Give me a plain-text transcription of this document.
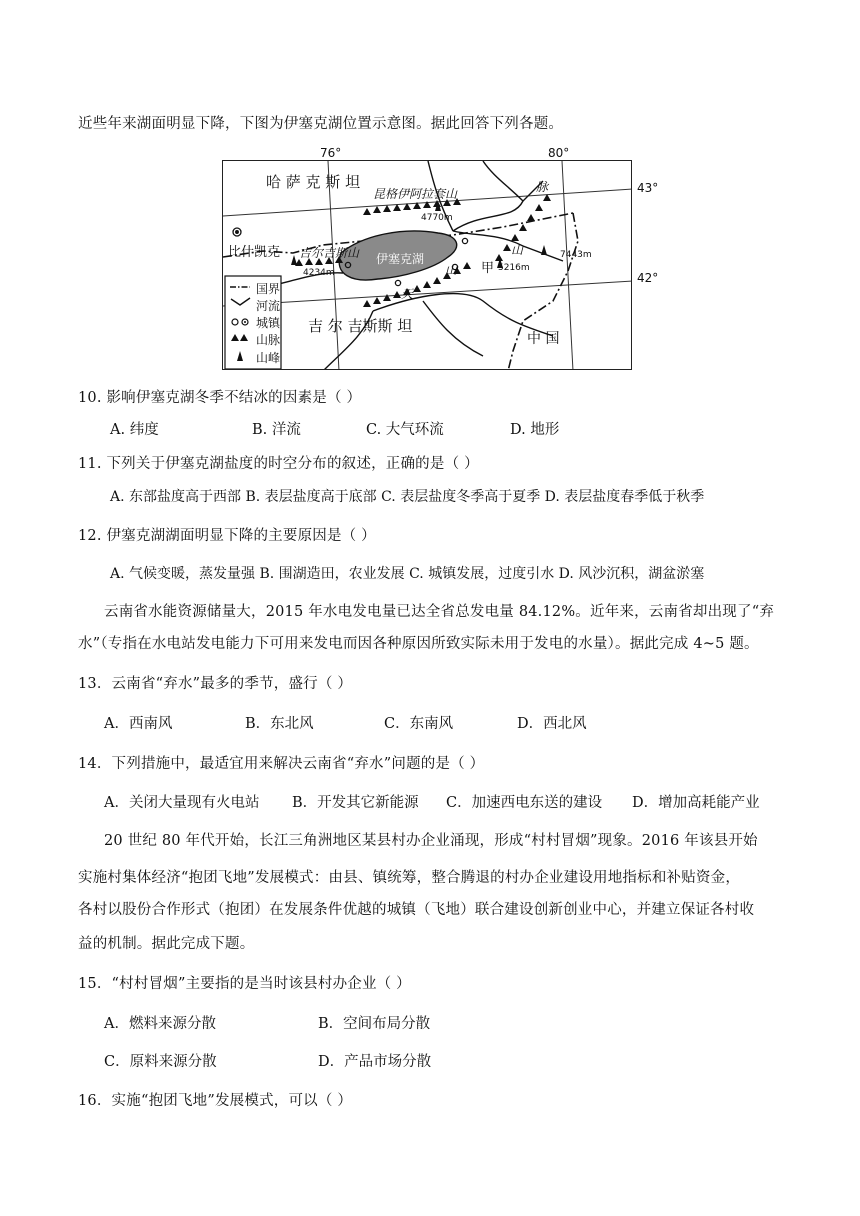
近些年来湖面明显下降，下图为伊塞克湖位置示意图。据此回答下列各题。
76°	80°
43°
42°
哈 萨 克 斯 坦
昆格伊阿拉套山	脉
4770m
比什凯克 吉尔吉斯山
4234m
伊塞克湖
山
山
甲 5216m
7443m
天
吉 尔 吉斯斯 坦
中 国
国界
河流
城镇
山脉
山峰
10. 影响伊塞克湖冬季不结冰的因素是（ ）
A. 纬度	B. 洋流	C. 大气环流	D. 地形
11. 下列关于伊塞克湖盐度的时空分布的叙述，正确的是（ ）
A. 东部盐度高于西部 B. 表层盐度高于底部 C. 表层盐度冬季高于夏季 D. 表层盐度春季低于秋季
12. 伊塞克湖湖面明显下降的主要原因是（ ）
A. 气候变暖，蒸发量强 B. 围湖造田，农业发展 C. 城镇发展，过度引水 D. 风沙沉积，湖盆淤塞
云南省水能资源储量大，2015 年水电发电量已达全省总发电量 84.12%。近年来，云南省却出现了“弃
水”（专指在水电站发电能力下可用来发电而因各种原因所致实际未用于发电的水量）。据此完成 4~5 题。
13．云南省“弃水”最多的季节，盛行（ ）
A．西南风	B．东北风	C．东南风	D．西北风
14．下列措施中，最适宜用来解决云南省“弃水”问题的是（ ）
A．关闭大量现有火电站 B．开发其它新能源 C．加速西电东送的建设 D．增加高耗能产业
20 世纪 80 年代开始，长江三角洲地区某县村办企业涌现，形成“村村冒烟”现象。2016 年该县开始
实施村集体经济“抱团飞地”发展模式：由县、镇统筹，整合腾退的村办企业建设用地指标和补贴资金，
各村以股份合作形式（抱团）在发展条件优越的城镇（飞地）联合建设创新创业中心，并建立保证各村收
益的机制。据此完成下题。
15．“村村冒烟”主要指的是当时该县村办企业（ ）
A．燃料来源分散	B．空间布局分散
C．原料来源分散	D．产品市场分散
16．实施“抱团飞地”发展模式，可以（ ）
